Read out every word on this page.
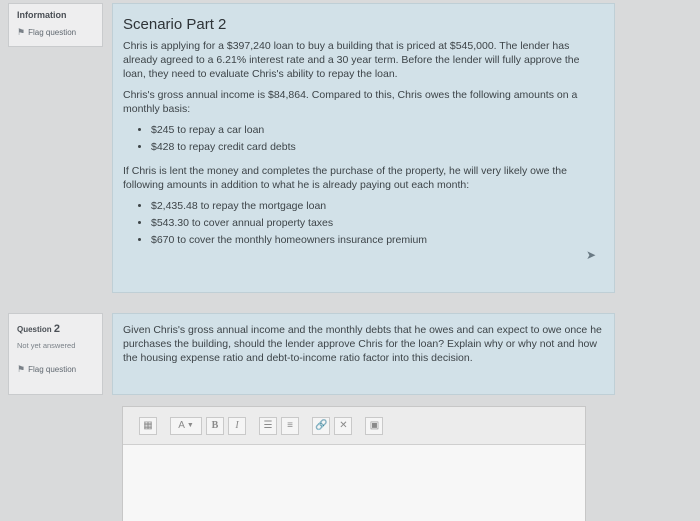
Information
⚑ Flag question	Scenario Part 2

Chris is applying for a $397,240 loan to buy a building that is priced at $545,000. The lender has already agreed to a 6.21% interest rate and a 30 year term. Before the lender will fully approve the loan, they need to evaluate Chris's ability to repay the loan.

Chris's gross annual income is $84,864. Compared to this, Chris owes the following amounts on a monthly basis:

• $245 to repay a car loan
• $428 to repay credit card debts

If Chris is lent the money and completes the purchase of the property, he will very likely owe the following amounts in addition to what he is already paying out each month:

• $2,435.48 to repay the mortgage loan
• $543.30 to cover annual property taxes
• $670 to cover the monthly homeowners insurance premium
➤
Question 2
Not yet answered
⚑ Flag question
Given Chris's gross annual income and the monthly debts that he owes and can expect to owe once he purchases the building, should the lender approve Chris for the loan? Explain why or why not and how the housing expense ratio and debt-to-income ratio factor into this decision.
▦	A ▼ B I ☰ ≡ 🔗 ✕ ▣
